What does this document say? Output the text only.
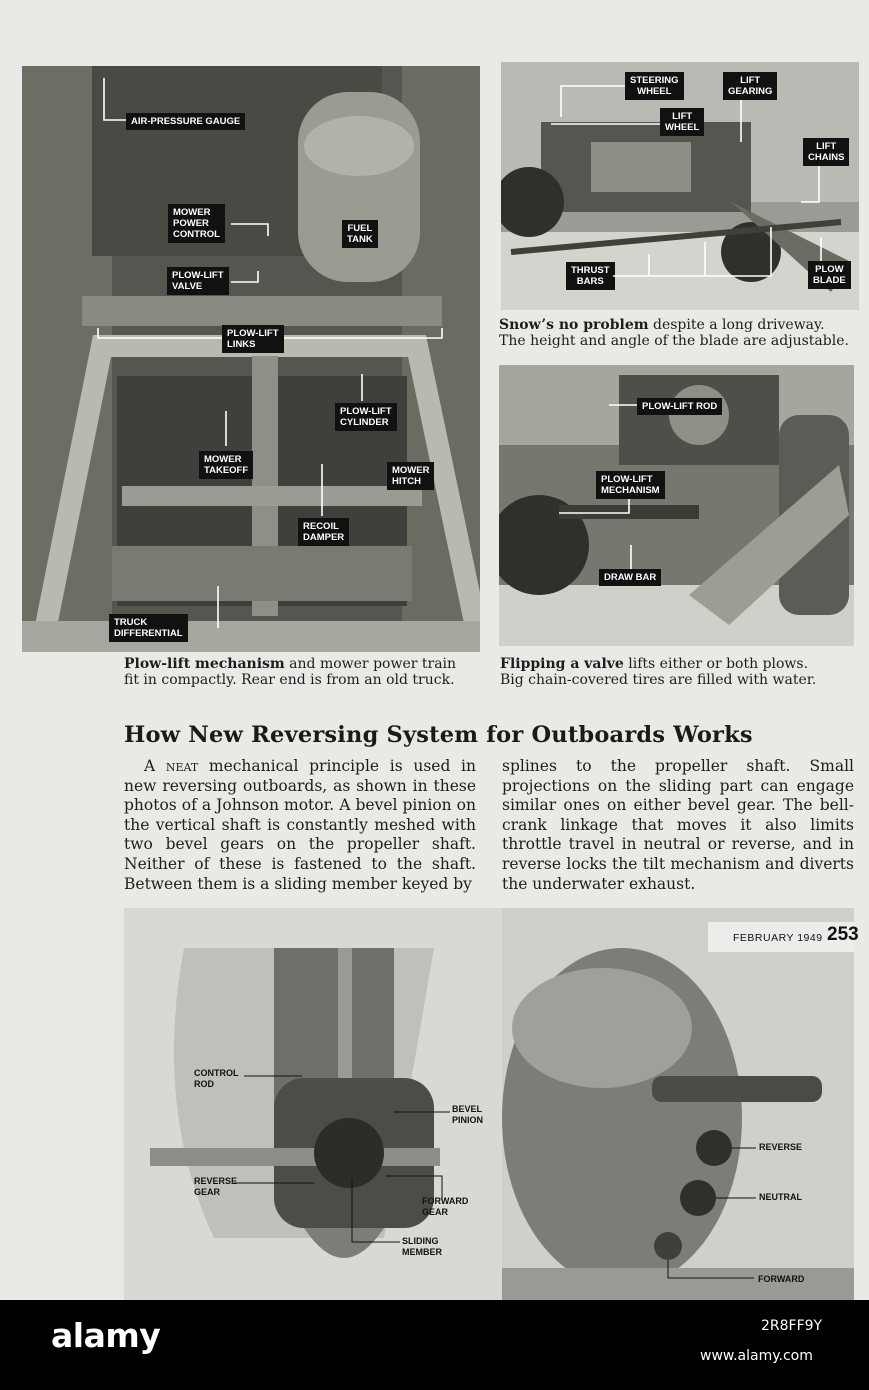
AIR-PRESSURE GAUGE
MOWER
POWER
CONTROL
FUEL
TANK
PLOW-LIFT
VALVE
PLOW-LIFT
LINKS
PLOW-LIFT
CYLINDER
MOWER
TAKEOFF	MOWER
HITCH
RECOIL
DAMPER
TRUCK
DIFFERENTIAL
Plow-lift mechanism and mower power train
fit in compactly. Rear end is from an old truck.
STEERING
WHEEL
LIFT
GEARING
LIFT
WHEEL
LIFT
CHAINS
THRUST
BARS
PLOW
BLADE
Snow’s no problem despite a long driveway.
The height and angle of the blade are adjustable.
PLOW-LIFT ROD
PLOW-LIFT
MECHANISM
DRAW BAR
Flipping a valve lifts either or both plows.
Big chain-covered tires are filled with water.
How New Reversing System for Outboards Works
A neat mechanical principle is used in new reversing outboards, as shown in these photos of a Johnson motor. A bevel pinion on the vertical shaft is constantly meshed with two bevel gears on the propeller shaft. Neither of these is fastened to the shaft. Between them is a sliding member keyed by
splines to the propeller shaft. Small projections on the sliding part can engage similar ones on either bevel gear. The bell-crank linkage that moves it also limits throttle travel in neutral or reverse, and in reverse locks the tilt mechanism and diverts the underwater exhaust.
CONTROL
ROD
BEVEL
PINION
REVERSE
GEAR
FORWARD
GEAR
SLIDING
MEMBER
REVERSE
NEUTRAL
FORWARD
FEBRUARY 1949 253
alamy	2R8FF9Y
www.alamy.com
